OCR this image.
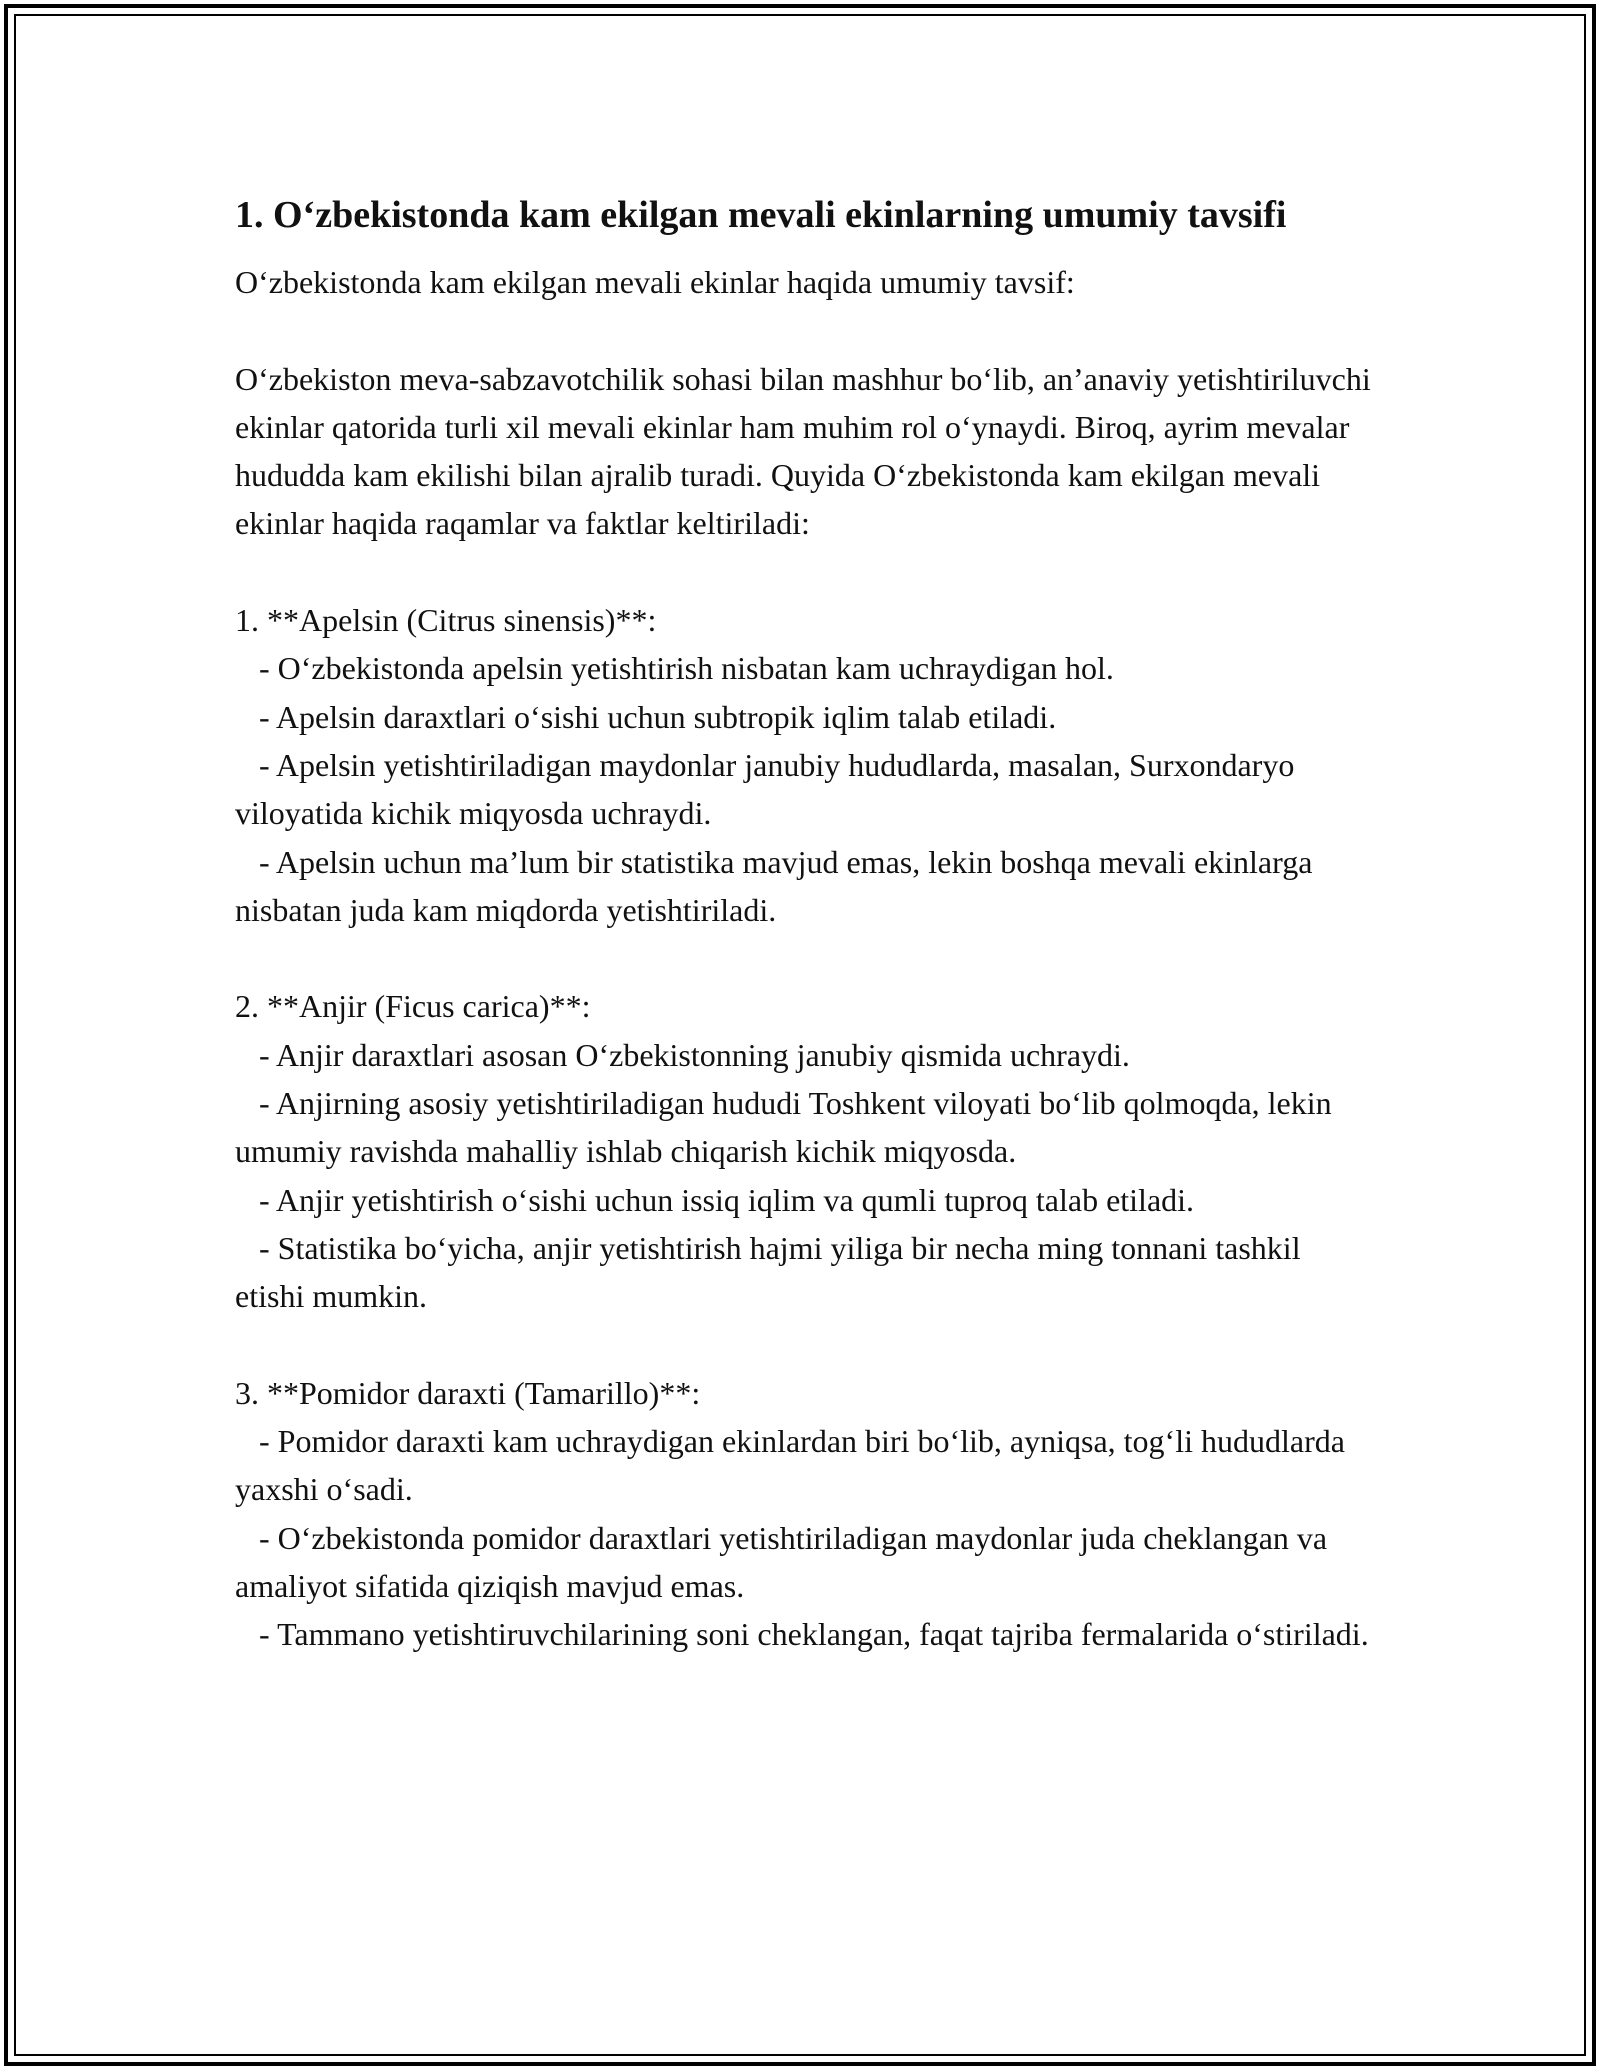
1. O‘zbekistonda kam ekilgan mevali ekinlarning umumiy tavsifi

O‘zbekistonda kam ekilgan mevali ekinlar haqida umumiy tavsif:

O‘zbekiston meva-sabzavotchilik sohasi bilan mashhur bo‘lib, an’anaviy yetishtiriluvchi ekinlar qatorida turli xil mevali ekinlar ham muhim rol o‘ynaydi. Biroq, ayrim mevalar hududda kam ekilishi bilan ajralib turadi. Quyida O‘zbekistonda kam ekilgan mevali ekinlar haqida raqamlar va faktlar keltiriladi:

1. **Apelsin (Citrus sinensis)**:

- O‘zbekistonda apelsin yetishtirish nisbatan kam uchraydigan hol.

- Apelsin daraxtlari o‘sishi uchun subtropik iqlim talab etiladi.

- Apelsin yetishtiriladigan maydonlar janubiy hududlarda, masalan, Surxondaryo viloyatida kichik miqyosda uchraydi.

- Apelsin uchun ma’lum bir statistika mavjud emas, lekin boshqa mevali ekinlarga nisbatan juda kam miqdorda yetishtiriladi.

2. **Anjir (Ficus carica)**:

- Anjir daraxtlari asosan O‘zbekistonning janubiy qismida uchraydi.

- Anjirning asosiy yetishtiriladigan hududi Toshkent viloyati bo‘lib qolmoqda, lekin umumiy ravishda mahalliy ishlab chiqarish kichik miqyosda.

- Anjir yetishtirish o‘sishi uchun issiq iqlim va qumli tuproq talab etiladi.

- Statistika bo‘yicha, anjir yetishtirish hajmi yiliga bir necha ming tonnani tashkil etishi mumkin.

3. **Pomidor daraxti (Tamarillo)**:

- Pomidor daraxti kam uchraydigan ekinlardan biri bo‘lib, ayniqsa, tog‘li hududlarda yaxshi o‘sadi.

- O‘zbekistonda pomidor daraxtlari yetishtiriladigan maydonlar juda cheklangan va amaliyot sifatida qiziqish mavjud emas.

- Tammano yetishtiruvchilarining soni cheklangan, faqat tajriba fermalarida o‘stiriladi.
